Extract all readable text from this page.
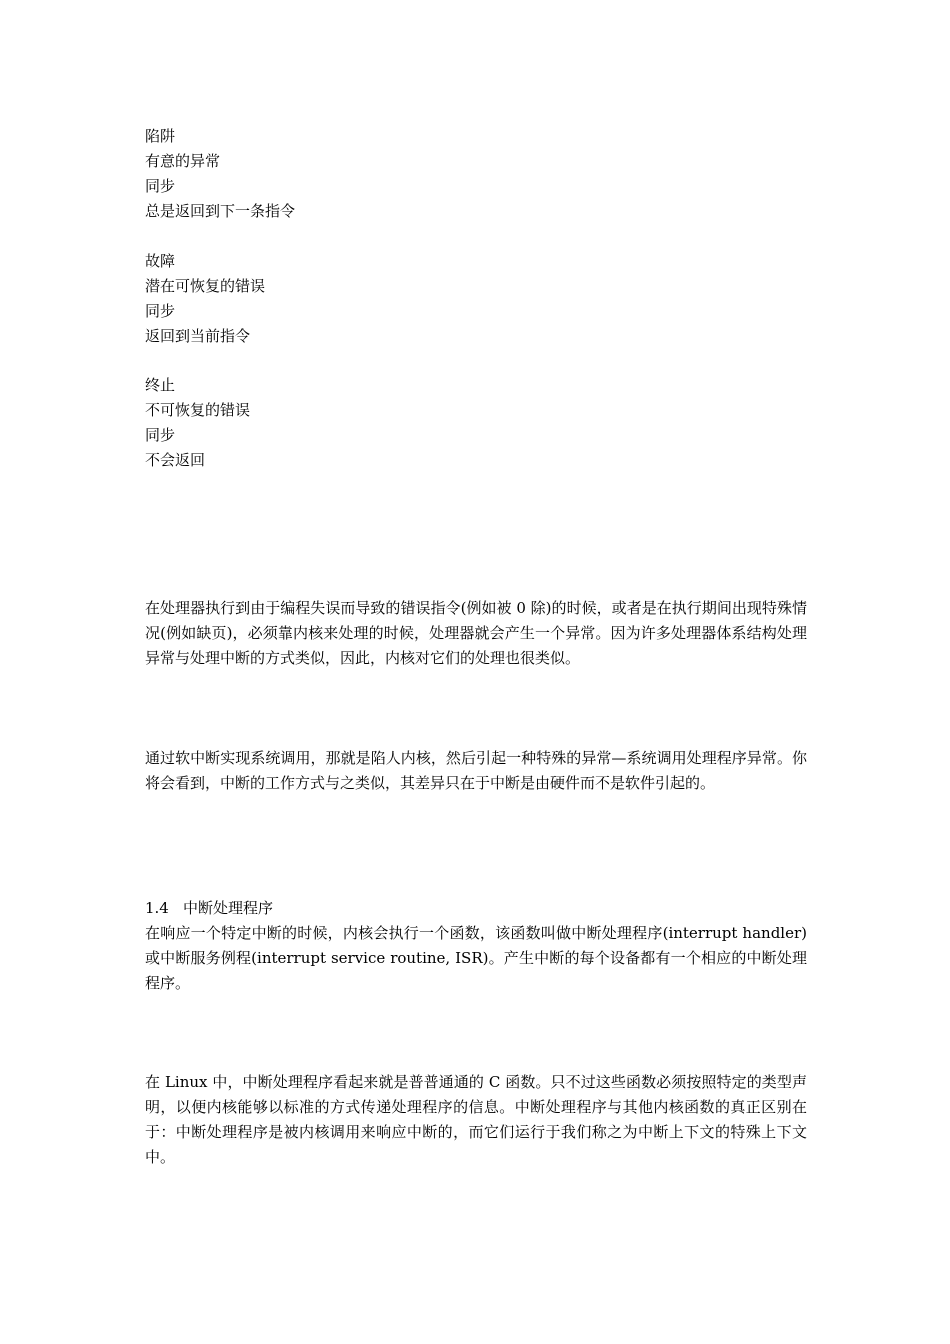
陷阱
有意的异常
同步
总是返回到下一条指令
故障
潜在可恢复的错误
同步
返回到当前指令
终止
不可恢复的错误
同步
不会返回
在处理器执行到由于编程失误而导致的错误指令(例如被 0 除)的时候，或者是在执行期间出现特殊情况(例如缺页)，必须靠内核来处理的时候，处理器就会产生一个异常。因为许多处理器体系结构处理异常与处理中断的方式类似，因此，内核对它们的处理也很类似。
通过软中断实现系统调用，那就是陷人内核，然后引起一种特殊的异常—系统调用处理程序异常。你将会看到，中断的工作方式与之类似，其差异只在于中断是由硬件而不是软件引起的。
1.4 中断处理程序
在响应一个特定中断的时候，内核会执行一个函数，该函数叫做中断处理程序(interrupt handler)或中断服务例程(interrupt service routine, ISR)。产生中断的每个设备都有一个相应的中断处理程序。
在 Linux 中，中断处理程序看起来就是普普通通的 C 函数。只不过这些函数必须按照特定的类型声明，以便内核能够以标准的方式传递处理程序的信息。中断处理程序与其他内核函数的真正区别在于：中断处理程序是被内核调用来响应中断的，而它们运行于我们称之为中断上下文的特殊上下文中。
